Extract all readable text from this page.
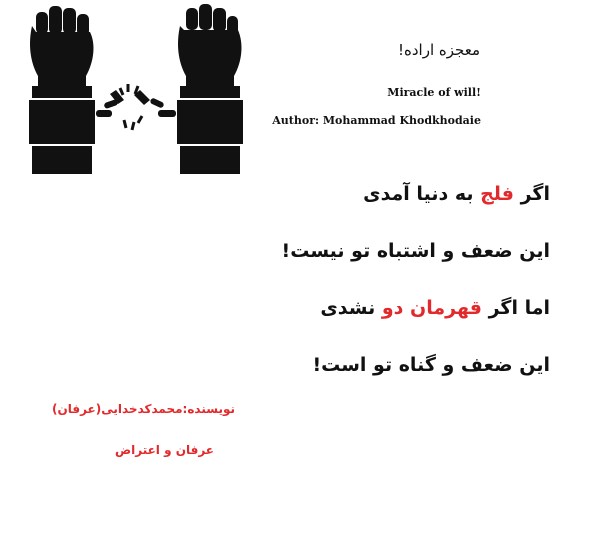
معجزه اراده!
Miracle of will!
Author: Mohammad Khodkhodaie
اگر فلج به دنیا آمدی
این ضعف و اشتباه تو نیست!
اما اگر قهرمان دو نشدی
این ضعف و گناه تو است!
نویسنده:محمدکدخدایی(عرفان)
عرفان و اعتراض
